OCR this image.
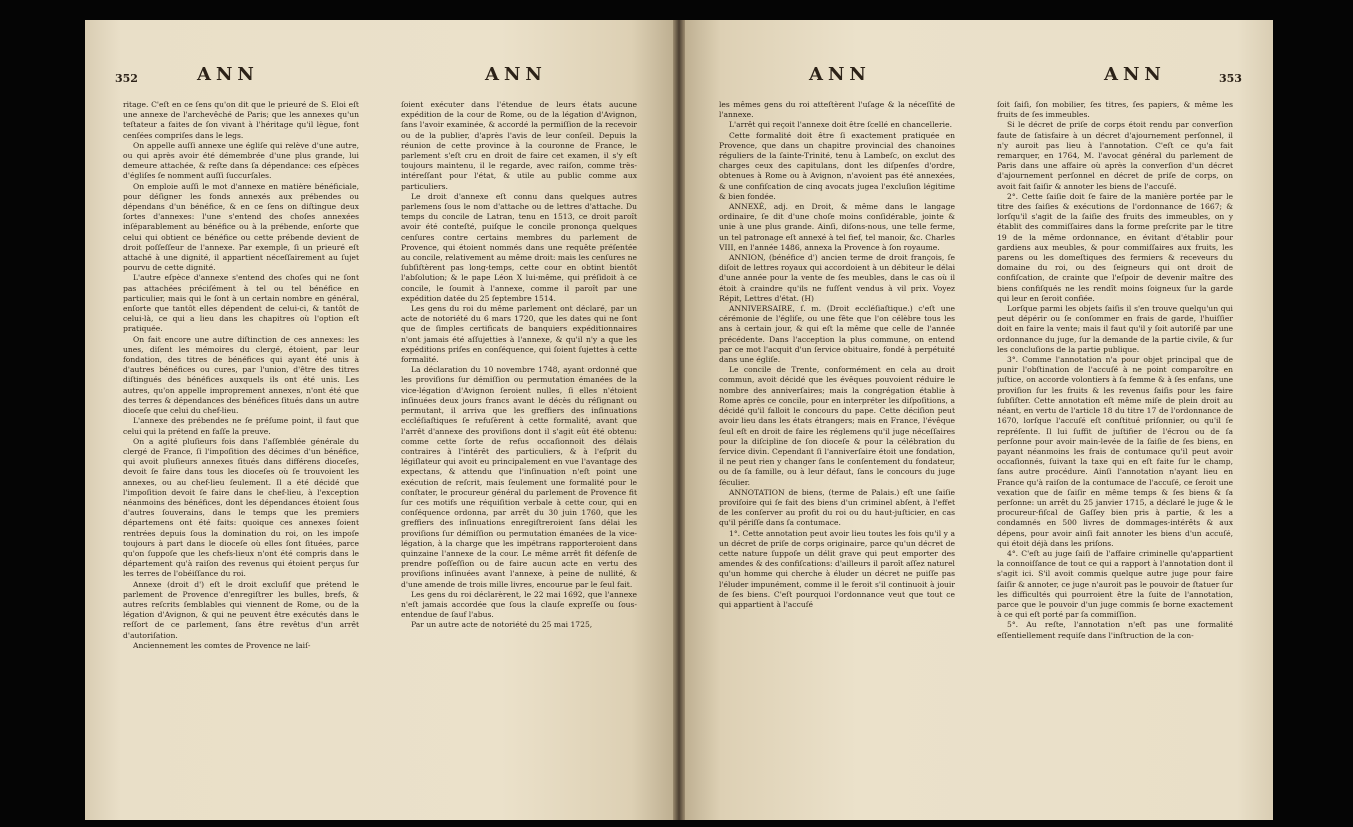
352	ANN	ANN

ritage. C'eſt en ce ſens qu'on dit que le prieuré de S. Eloi eſt une annexe de l'archevêché de Paris; que les annexes qu'un teſtateur a faites de ſon vivant à l'héritage qu'il lègue, font cenſées compriſes dans le legs.

On appelle auſſi annexe une égliſe qui relève d'une autre, ou qui après avoir été démembrée d'une plus grande, lui demeure attachée, & reſte dans ſa dépendance: ces eſpèces d'égliſes ſe nomment auſſi ſuccurſales.

On emploie auſſi le mot d'annexe en matière bénéficiale, pour déſigner les fonds annexés aux prébendes ou dépendans d'un bénéfice, & en ce ſens on diſtingue deux ſortes d'annexes: l'une s'entend des choſes annexées inſéparablement au bénéfice ou à la prébende, enſorte que celui qui obtient ce bénéfice ou cette prébende devient de droit poſſeſſeur de l'annexe. Par exemple, ſi un prieuré eſt attaché à une dignité, il appartient néceſſairement au ſujet pourvu de cette dignité.

L'autre eſpèce d'annexe s'entend des choſes qui ne ſont pas attachées préciſément à tel ou tel bénéfice en particulier, mais qui le ſont à un certain nombre en général, enſorte que tantôt elles dépendent de celui-ci, & tantôt de celui-là, ce qui a lieu dans les chapitres où l'option eſt pratiquée.

On fait encore une autre diſtinction de ces annexes: les unes, diſent les mémoires du clergé, étoient, par leur fondation, des titres de bénéfices qui ayant été unis à d'autres bénéfices ou cures, par l'union, d'être des titres diſtingués des bénéfices auxquels ils ont été unis. Les autres, qu'on appelle improprement annexes, n'ont été que des terres & dépendances des bénéfices ſitués dans un autre dioceſe que celui du chef-lieu.

L'annexe des prébendes ne ſe préſume point, il faut que celui qui la prétend en faſſe la preuve.

On a agité pluſieurs fois dans l'aſſemblée générale du clergé de France, ſi l'impoſition des décimes d'un bénéfice, qui avoit pluſieurs annexes ſitués dans différens dioceſes, devoit ſe faire dans tous les dioceſes où ſe trouvoient les annexes, ou au chef-lieu ſeulement. Il a été décidé que l'impoſition devoit ſe faire dans le chef-lieu, à l'exception néanmoins des bénéfices, dont les dépendances étoient ſous d'autres ſouverains, dans le temps que les premiers départemens ont été faits: quoique ces annexes ſoient rentrées depuis ſous la domination du roi, on les impoſe toujours à part dans le dioceſe où elles ſont ſituées, parce qu'on ſuppoſe que les chefs-lieux n'ont été compris dans le département qu'à raiſon des revenus qui étoient perçus ſur les terres de l'obéiſſance du roi.

Annexe (droit d') eſt le droit excluſif que prétend le parlement de Provence d'enregiſtrer les bulles, brefs, & autres reſcrits ſemblables qui viennent de Rome, ou de la légation d'Avignon, & qui ne peuvent être exécutés dans le reſſort de ce parlement, ſans être revêtus d'un arrêt d'autoriſation.

Anciennement les comtes de Provence ne laiſ-

ſoient exécuter dans l'étendue de leurs états aucune expédition de la cour de Rome, ou de la légation d'Avignon, ſans l'avoir examinée, & accordé la permiſſion de la recevoir ou de la publier, d'après l'avis de leur conſeil. Depuis la réunion de cette province à la couronne de France, le parlement s'eſt cru en droit de faire cet examen, il s'y eſt toujours maintenu, il le regarde, avec raiſon, comme très-intéreſſant pour l'état, & utile au public comme aux particuliers.

Le droit d'annexe eſt connu dans quelques autres parlemens ſous le nom d'attache ou de lettres d'attache. Du temps du concile de Latran, tenu en 1513, ce droit paroît avoir été conteſté, puiſque le concile prononça quelques cenſures contre certains membres du parlement de Provence, qui étoient nommés dans une requête préſentée au concile, relativement au même droit: mais les cenſures ne ſubſiſtèrent pas long-temps, cette cour en obtint bientôt l'abſolution; & le pape Léon X lui-même, qui préſidoit à ce concile, le ſoumit à l'annexe, comme il paroît par une expédition datée du 25 ſeptembre 1514.

Les gens du roi du même parlement ont déclaré, par un acte de notoriété du 6 mars 1720, que les dates qui ne ſont que de ſimples certificats de banquiers expéditionnaires n'ont jamais été aſſujetties à l'annexe, & qu'il n'y a que les expéditions priſes en conſéquence, qui ſoient ſujettes à cette formalité.

La déclaration du 10 novembre 1748, ayant ordonné que les proviſions ſur démiſſion ou permutation émanées de la vice-légation d'Avignon ſeroient nulles, ſi elles n'étoient inſinuées deux jours francs avant le décès du réſignant ou permutant, il arriva que les greffiers des inſinuations eccléſiaſtiques ſe refuſèrent à cette formalité, avant que l'arrêt d'annexe des proviſions dont il s'agit eût été obtenu: comme cette ſorte de refus occaſionnoit des délais contraires à l'intérêt des particuliers, & à l'eſprit du légiſlateur qui avoit eu principalement en vue l'avantage des expectans, & attendu que l'inſinuation n'eſt point une exécution de reſcrit, mais ſeulement une formalité pour le conſtater, le procureur général du parlement de Provence fit ſur ces motifs une réquiſition verbale à cette cour, qui en conſéquence ordonna, par arrêt du 30 juin 1760, que les greffiers des inſinuations enregiſtreroient ſans délai les proviſions ſur démiſſion ou permutation émanées de la vice-légation, à la charge que les impétrans rapporteroient dans quinzaine l'annexe de la cour. Le même arrêt fit défenſe de prendre poſſeſſion ou de faire aucun acte en vertu des proviſions inſinuées avant l'annexe, à peine de nullité, & d'une amende de trois mille livres, encourue par le ſeul fait.

Les gens du roi déclarèrent, le 22 mai 1692, que l'annexe n'eſt jamais accordée que ſous la clauſe expreſſe ou ſous-entendue de ſauf l'abus.

Par un autre acte de notoriété du 25 mai 1725,

ANN	ANN	353

les mêmes gens du roi atteſtèrent l'uſage & la néceſſité de l'annexe.

L'arrêt qui reçoit l'annexe doit être ſcellé en chancellerie.

Cette formalité doit être ſi exactement pratiquée en Provence, que dans un chapitre provincial des chanoines réguliers de la ſainte-Trinité, tenu à Lambeſc, on exclut des charges ceux des capitulans, dont les diſpenſes d'ordre, obtenues à Rome ou à Avignon, n'avoient pas été annexées, & une confiſcation de cinq avocats jugea l'excluſion légitime & bien fondée.

ANNEXÉ, adj. en Droit, & même dans le langage ordinaire, ſe dit d'une choſe moins conſidérable, jointe & unie à une plus grande. Ainſi, diſons-nous, une telle ferme, un tel patronage eſt annexé à tel fief, tel manoir, &c. Charles VIII, en l'année 1486, annexa la Provence à ſon royaume.

ANNION, (bénéfice d') ancien terme de droit françois, ſe diſoit de lettres royaux qui accordoient à un débiteur le délai d'une année pour la vente de ſes meubles, dans le cas où il étoit à craindre qu'ils ne fuſſent vendus à vil prix. Voyez Répit, Lettres d'état. (H)

ANNIVERSAIRE, ſ. m. (Droit eccléſiaſtique.) c'eſt une cérémonie de l'égliſe, ou une fête que l'on célèbre tous les ans à certain jour, & qui eſt la même que celle de l'année précédente. Dans l'acception la plus commune, on entend par ce mot l'acquit d'un ſervice obituaire, fondé à perpétuité dans une égliſe.

Le concile de Trente, conformément en cela au droit commun, avoit décidé que les évêques pouvoient réduire le nombre des anniverſaires; mais la congrégation établie à Rome après ce concile, pour en interpréter les diſpoſitions, a décidé qu'il falloit le concours du pape. Cette déciſion peut avoir lieu dans les états étrangers; mais en France, l'évêque ſeul eſt en droit de faire les réglemens qu'il juge néceſſaires pour la diſcipline de ſon dioceſe & pour la célébration du ſervice divin. Cependant ſi l'anniverſaire étoit une fondation, il ne peut rien y changer ſans le conſentement du fondateur, ou de ſa famille, ou à leur défaut, ſans le concours du juge ſéculier.

ANNOTATION de biens, (terme de Palais.) eſt une ſaiſie proviſoire qui ſe fait des biens d'un criminel abſent, à l'effet de les conſerver au profit du roi ou du haut-juſticier, en cas qu'il périſſe dans ſa contumace.

1°. Cette annotation peut avoir lieu toutes les fois qu'il y a un décret de priſe de corps originaire, parce qu'un décret de cette nature ſuppoſe un délit grave qui peut emporter des amendes & des confiſcations: d'ailleurs il paroît aſſez naturel qu'un homme qui cherche à éluder un décret ne puiſſe pas l'éluder impunément, comme il le feroit s'il continuoit à jouir de ſes biens. C'eſt pourquoi l'ordonnance veut que tout ce qui appartient à l'accuſé

ſoit ſaiſi, ſon mobilier, ſes titres, ſes papiers, & même les fruits de ſes immeubles.

Si le décret de priſe de corps étoit rendu par converſion faute de ſatisfaire à un décret d'ajournement perſonnel, il n'y auroit pas lieu à l'annotation. C'eſt ce qu'a fait remarquer, en 1764, M. l'avocat général du parlement de Paris dans une affaire où après la converſion d'un décret d'ajournement perſonnel en décret de priſe de corps, on avoit fait ſaiſir & annoter les biens de l'accuſé.

2°. Cette ſaiſie doit ſe faire de la manière portée par le titre des ſaiſies & exécutions de l'ordonnance de 1667; & lorſqu'il s'agit de la ſaiſie des fruits des immeubles, on y établit des commiſſaires dans la forme preſcrite par le titre 19 de la même ordonnance, en évitant d'établir pour gardiens aux meubles, & pour commiſſaires aux fruits, les parens ou les domeſtiques des fermiers & receveurs du domaine du roi, ou des ſeigneurs qui ont droit de confiſcation, de crainte que l'eſpoir de devenir maître des biens confiſqués ne les rendît moins ſoigneux ſur la garde qui leur en ſeroit confiée.

Lorſque parmi les objets ſaiſis il s'en trouve quelqu'un qui peut dépérir ou ſe conſommer en frais de garde, l'huiſſier doit en faire la vente; mais il faut qu'il y ſoit autoriſé par une ordonnance du juge, ſur la demande de la partie civile, & ſur les concluſions de la partie publique.

3°. Comme l'annotation n'a pour objet principal que de punir l'obſtination de l'accuſé à ne point comparoître en juſtice, on accorde volontiers à ſa femme & à ſes enfans, une proviſion ſur les fruits & les revenus ſaiſis pour les faire ſubſiſter. Cette annotation eſt même miſe de plein droit au néant, en vertu de l'article 18 du titre 17 de l'ordonnance de 1670, lorſque l'accuſé eſt conſtitué priſonnier, ou qu'il ſe repréſente. Il lui ſuffit de juſtifier de l'écrou ou de ſa perſonne pour avoir main-levée de la ſaiſie de ſes biens, en payant néanmoins les frais de contumace qu'il peut avoir occaſionnés, ſuivant la taxe qui en eſt faite ſur le champ, ſans autre procédure. Ainſi l'annotation n'ayant lieu en France qu'à raiſon de la contumace de l'accuſé, ce ſeroit une vexation que de ſaiſir en même temps & ſes biens & ſa perſonne: un arrêt du 25 janvier 1715, a déclaré le juge & le procureur-fiſcal de Gaſſey bien pris à partie, & les a condamnés en 500 livres de dommages-intérêts & aux dépens, pour avoir ainſi fait annoter les biens d'un accuſé, qui étoit déjà dans les priſons.

4°. C'eſt au juge ſaiſi de l'affaire criminelle qu'appartient la connoiſſance de tout ce qui a rapport à l'annotation dont il s'agit ici. S'il avoit commis quelque autre juge pour faire ſaiſir & annoter, ce juge n'auroit pas le pouvoir de ſtatuer ſur les difficultés qui pourroient être la ſuite de l'annotation, parce que le pouvoir d'un juge commis ſe borne exactement à ce qui eſt porté par ſa commiſſion.

5°. Au reſte, l'annotation n'eſt pas une formalité eſſentiellement requiſe dans l'inſtruction de la con-
